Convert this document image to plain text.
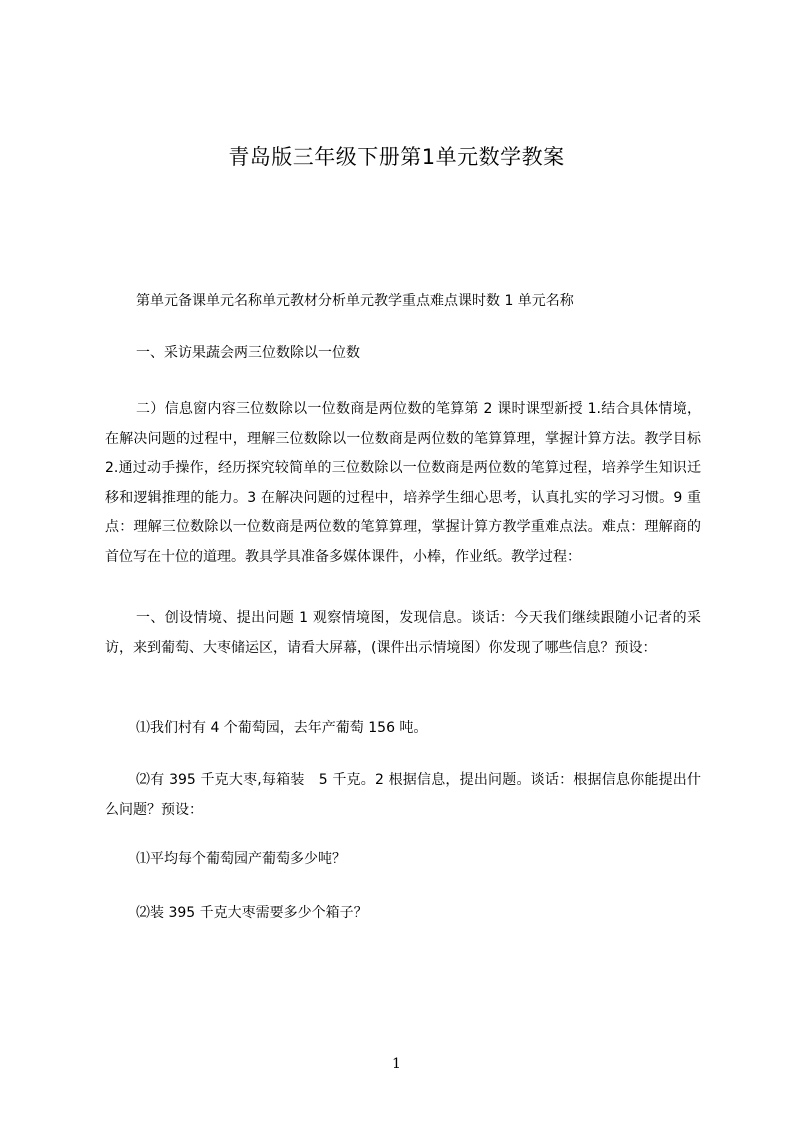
青岛版三年级下册第1单元数学教案
第单元备课单元名称单元教材分析单元教学重点难点课时数 1 单元名称
一、采访果蔬会两三位数除以一位数
二）信息窗内容三位数除以一位数商是两位数的笔算第 2 课时课型新授 1.结合具体情境，在解决问题的过程中，理解三位数除以一位数商是两位数的笔算算理，掌握计算方法。教学目标 2.通过动手操作，经历探究较简单的三位数除以一位数商是两位数的笔算过程，培养学生知识迁移和逻辑推理的能力。3 在解决问题的过程中，培养学生细心思考，认真扎实的学习习惯。9 重点：理解三位数除以一位数商是两位数的笔算算理，掌握计算方教学重难点法。难点：理解商的首位写在十位的道理。教具学具准备多媒体课件，小棒，作业纸。教学过程：
一、创设情境、提出问题 1 观察情境图，发现信息。谈话：今天我们继续跟随小记者的采访，来到葡萄、大枣储运区，请看大屏幕，(课件出示情境图）你发现了哪些信息？预设：
⑴我们村有 4 个葡萄园，去年产葡萄 156 吨。
⑵有 395 千克大枣,每箱装　5 千克。2 根据信息，提出问题。谈话：根据信息你能提出什么问题？预设：
⑴平均每个葡萄园产葡萄多少吨？
⑵装 395 千克大枣需要多少个箱子？
1
